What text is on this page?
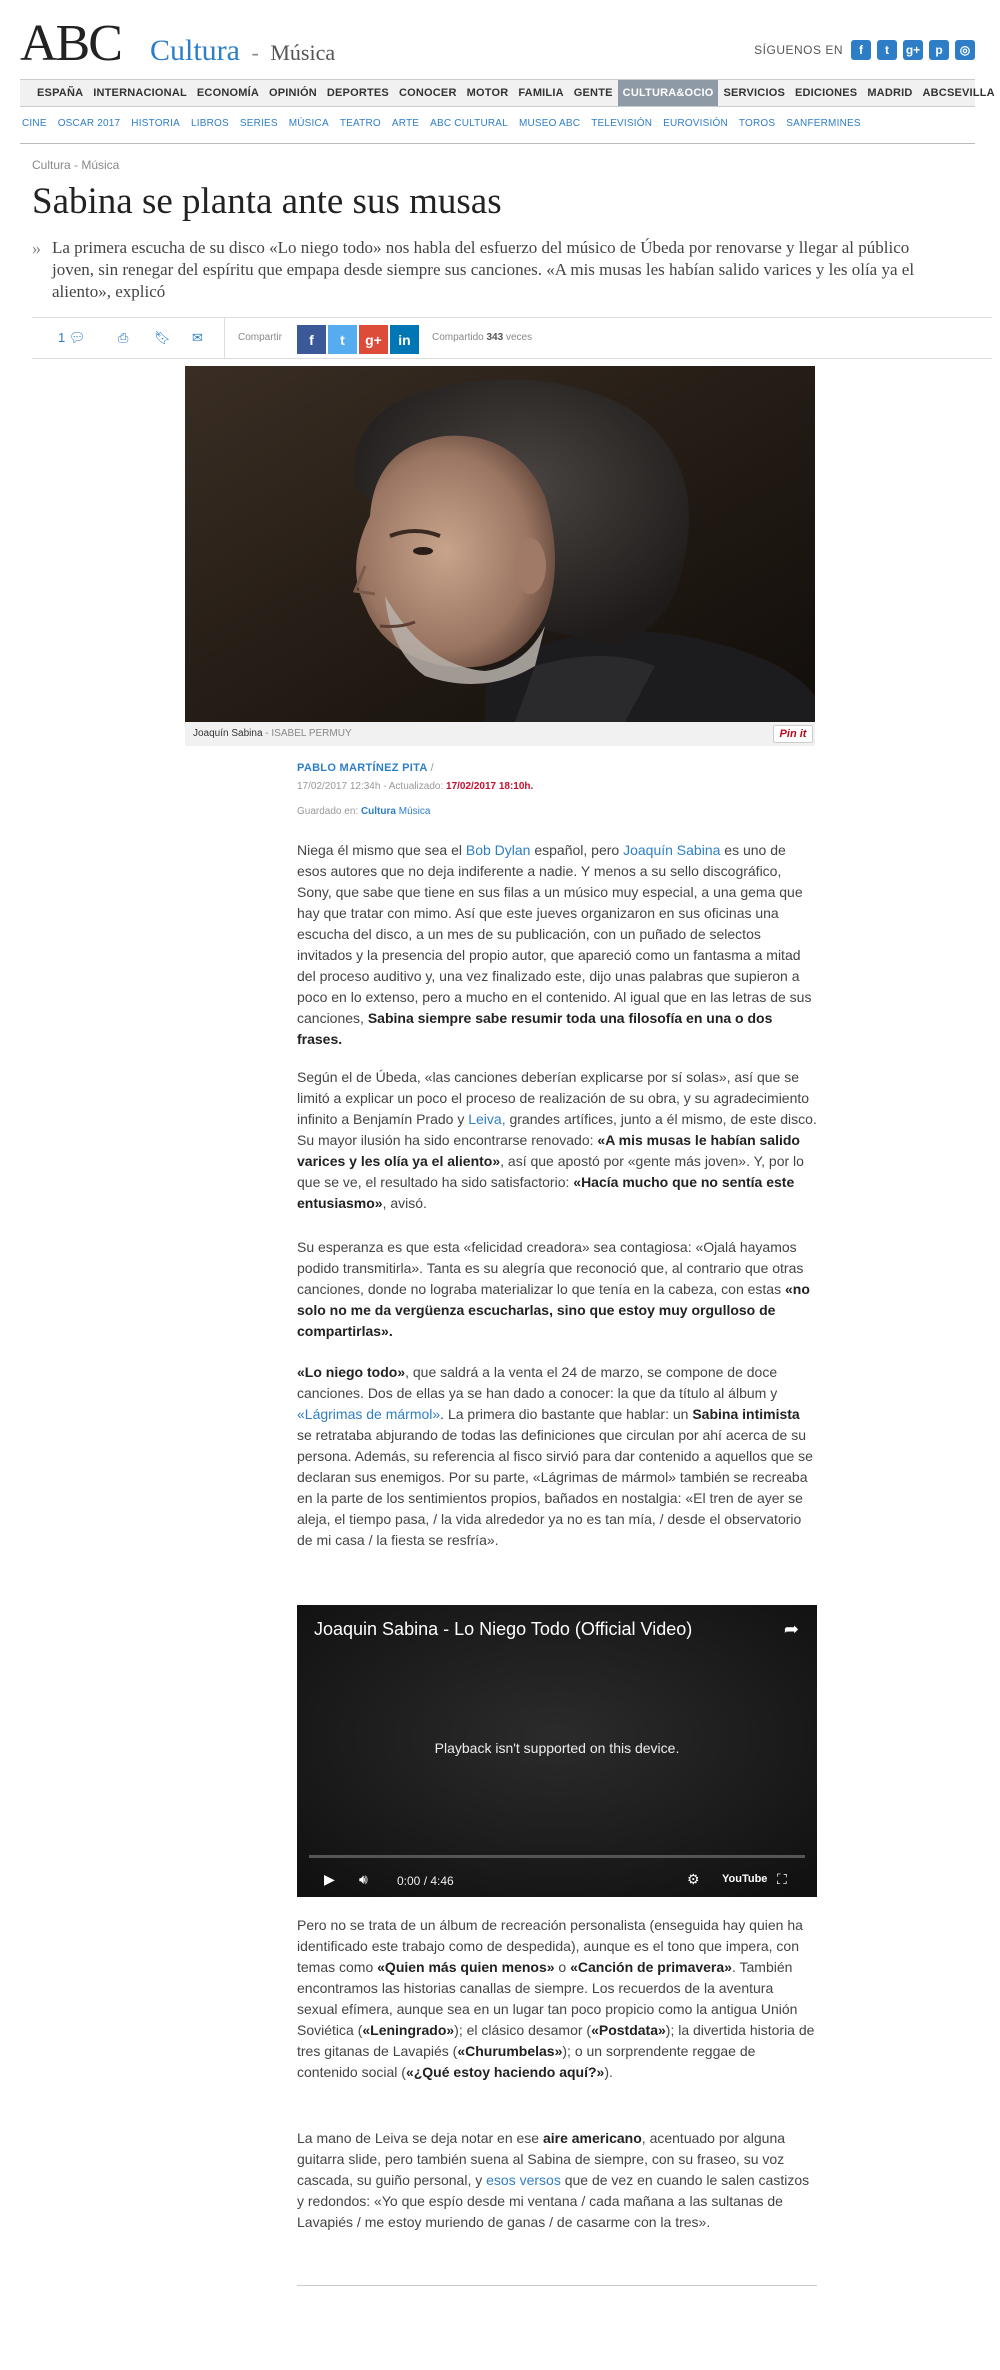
ABC Cultura - Música	SÍGUENOS EN	f	t	g+	p	◎
ESPAÑA INTERNACIONAL ECONOMÍA OPINIÓN DEPORTES CONOCER MOTOR FAMILIA GENTE CULTURA&OCIO SERVICIOS EDICIONES MADRID ABCSEVILLA
CINE OSCAR 2017 HISTORIA LIBROS SERIES MÚSICA TEATRO ARTE ABC CULTURAL MUSEO ABC TELEVISIÓN EUROVISIÓN TOROS SANFERMINES
Cultura - Música
Sabina se planta ante sus musas
» La primera escucha de su disco «Lo niego todo» nos habla del esfuerzo del músico de Úbeda por renovarse y llegar al público joven, sin renegar del espíritu que empapa desde siempre sus canciones. «A mis musas les habían salido varices y les olía ya el aliento», explicó
1 💬︎	⎙ 🔖︎ ✉	Compartir	f	t	g+	in	Compartido 343 veces
Joaquín Sabina - ISABEL PERMUY	Pin it
PABLO MARTÍNEZ PITA /
17/02/2017 12:34h - Actualizado: 17/02/2017 18:10h.
Guardado en: Cultura Música

Niega él mismo que sea el Bob Dylan español, pero Joaquín Sabina es uno de esos autores que no deja indiferente a nadie. Y menos a su sello discográfico, Sony, que sabe que tiene en sus filas a un músico muy especial, a una gema que hay que tratar con mimo. Así que este jueves organizaron en sus oficinas una escucha del disco, a un mes de su publicación, con un puñado de selectos invitados y la presencia del propio autor, que apareció como un fantasma a mitad del proceso auditivo y, una vez finalizado este, dijo unas palabras que supieron a poco en lo extenso, pero a mucho en el contenido. Al igual que en las letras de sus canciones, Sabina siempre sabe resumir toda una filosofía en una o dos frases.

Según el de Úbeda, «las canciones deberían explicarse por sí solas», así que se limitó a explicar un poco el proceso de realización de su obra, y su agradecimiento infinito a Benjamín Prado y Leiva, grandes artífices, junto a él mismo, de este disco. Su mayor ilusión ha sido encontrarse renovado: «A mis musas le habían salido varices y les olía ya el aliento», así que apostó por «gente más joven». Y, por lo que se ve, el resultado ha sido satisfactorio: «Hacía mucho que no sentía este entusiasmo», avisó.

Su esperanza es que esta «felicidad creadora» sea contagiosa: «Ojalá hayamos podido transmitirla». Tanta es su alegría que reconoció que, al contrario que otras canciones, donde no lograba materializar lo que tenía en la cabeza, con estas «no solo no me da vergüenza escucharlas, sino que estoy muy orgulloso de compartirlas».

«Lo niego todo», que saldrá a la venta el 24 de marzo, se compone de doce canciones. Dos de ellas ya se han dado a conocer: la que da título al álbum y «Lágrimas de mármol». La primera dio bastante que hablar: un Sabina intimista se retrataba abjurando de todas las definiciones que circulan por ahí acerca de su persona. Además, su referencia al fisco sirvió para dar contenido a aquellos que se declaran sus enemigos. Por su parte, «Lágrimas de mármol» también se recreaba en la parte de los sentimientos propios, bañados en nostalgia: «El tren de ayer se aleja, el tiempo pasa, / la vida alrededor ya no es tan mía, / desde el observatorio de mi casa / la fiesta se resfría».

Joaquin Sabina - Lo Niego Todo (Official Video)	➦
Playback isn't supported on this device.
▶ 🔊︎ 0:00 / 4:46	⚙ YouTube ⛶

Pero no se trata de un álbum de recreación personalista (enseguida hay quien ha identificado este trabajo como de despedida), aunque es el tono que impera, con temas como «Quien más quien menos» o «Canción de primavera». También encontramos las historias canallas de siempre. Los recuerdos de la aventura sexual efímera, aunque sea en un lugar tan poco propicio como la antigua Unión Soviética («Leningrado»); el clásico desamor («Postdata»); la divertida historia de tres gitanas de Lavapiés («Churumbelas»); o un sorprendente reggae de contenido social («¿Qué estoy haciendo aquí?»).

La mano de Leiva se deja notar en ese aire americano, acentuado por alguna guitarra slide, pero también suena al Sabina de siempre, con su fraseo, su voz cascada, su guiño personal, y esos versos que de vez en cuando le salen castizos y redondos: «Yo que espío desde mi ventana / cada mañana a las sultanas de Lavapiés / me estoy muriendo de ganas / de casarme con la tres».
